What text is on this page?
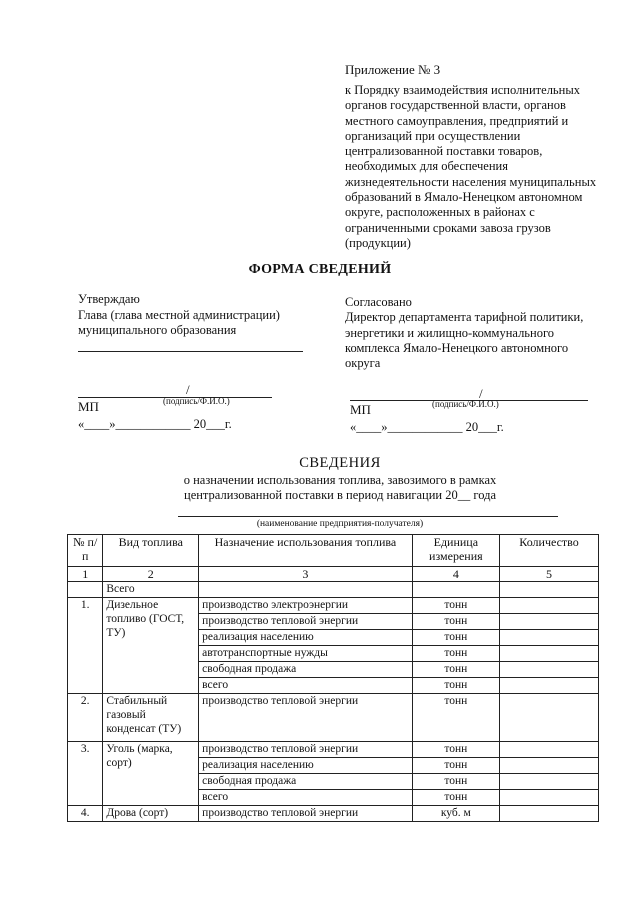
Приложение № 3
к Порядку взаимодействия исполнительных
органов государственной власти, органов
местного самоуправления, предприятий и
организаций при осуществлении
централизованной поставки товаров,
необходимых для обеспечения
жизнедеятельности населения муниципальных
образований в Ямало-Ненецком автономном
округе, расположенных в районах с
ограниченными сроками завоза грузов
(продукции)
ФОРМА СВЕДЕНИЙ
Утверждаю
Глава (глава местной администрации)
муниципального образования
/
(подпись/Ф.И.О.)
МП
«____»____________ 20___г.
Согласовано
Директор департамента тарифной политики,
энергетики и жилищно-коммунального
комплекса Ямало-Ненецкого автономного
округа
/
(подпись/Ф.И.О.)
МП
«____»____________ 20___г.
СВЕДЕНИЯ
о назначении использования топлива, завозимого в рамках
централизованной поставки в период навигации 20__ года
(наименование предприятия-получателя)
№ п/п	Вид топлива	Назначение использования топлива	Единица измерения	Количество
1	2	3	4	5
	Всего			
1.	Дизельное топливо (ГОСТ, ТУ)	производство электроэнергии	тонн	
		производство тепловой энергии	тонн	
		реализация населению	тонн	
		автотранспортные нужды	тонн	
		свободная продажа	тонн	
		всего	тонн	
2.	Стабильный газовый конденсат (ТУ)	производство тепловой энергии	тонн	
3.	Уголь (марка, сорт)	производство тепловой энергии	тонн	
		реализация населению	тонн	
		свободная продажа	тонн	
		всего	тонн	
4.	Дрова (сорт)	производство тепловой энергии	куб. м	
